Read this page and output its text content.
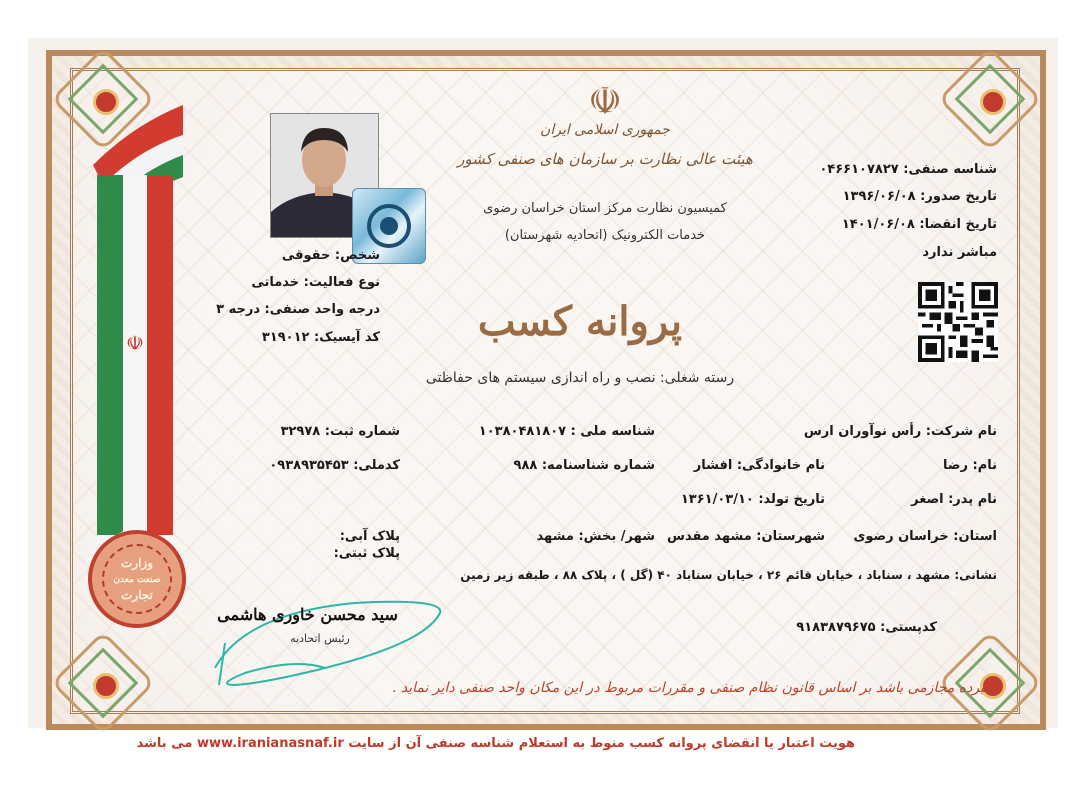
☫
وزارت
صنعت معدن
تجارت
☫
جمهوری اسلامی ایران
هیئت عالی نظارت بر سازمان های صنفی کشور
کمیسیون نظارت مرکز استان خراسان رضوی
خدمات الکترونیک (اتحادیه شهرستان)
پروانه کسب
رسته شغلی: نصب و راه اندازی سیستم های حفاظتی
شخص: حقوقی
نوع فعالیت: خدماتی
درجه واحد صنفی: درجه ۳
کد آیسیک: ۳۱۹۰۱۲
شناسه صنفی: ۰۴۶۶۱۰۷۸۲۷
تاریخ صدور: ۱۳۹۶/۰۶/۰۸
تاریخ انقضا: ۱۴۰۱/۰۶/۰۸
مباشر ندارد
نام شرکت: رأس نوآوران ارس
شناسه ملی : ۱۰۳۸۰۴۸۱۸۰۷
شماره ثبت: ۳۲۹۷۸
نام: رضا
نام خانوادگی: افشار
شماره شناسنامه: ۹۸۸
کدملی: ۰۹۳۸۹۳۵۴۵۳
نام پدر: اصغر
تاریخ تولد: ۱۳۶۱/۰۳/۱۰
استان: خراسان رضوی
شهرستان: مشهد مقدس
شهر/ بخش: مشهد
پلاک آبی:
پلاک ثبتی:
نشانی: مشهد ، سناباد ، خیابان قائم ۲۶ ، خیابان سناباد ۴۰ (گل ) ، پلاک ۸۸ ، طبقه زیر زمین
کدپستی: ۹۱۸۳۸۷۹۶۷۵
سید محسن خاوری هاشمی
رئیس اتحادیه
نامبرده مجازمی باشد بر اساس قانون نظام صنفی و مقررات مربوط در این مکان واحد صنفی دایر نماید .
هویت اعتبار یا انقضای پروانه کسب منوط به استعلام شناسه صنفی آن از سایت www.iranianasnaf.ir می باشد
